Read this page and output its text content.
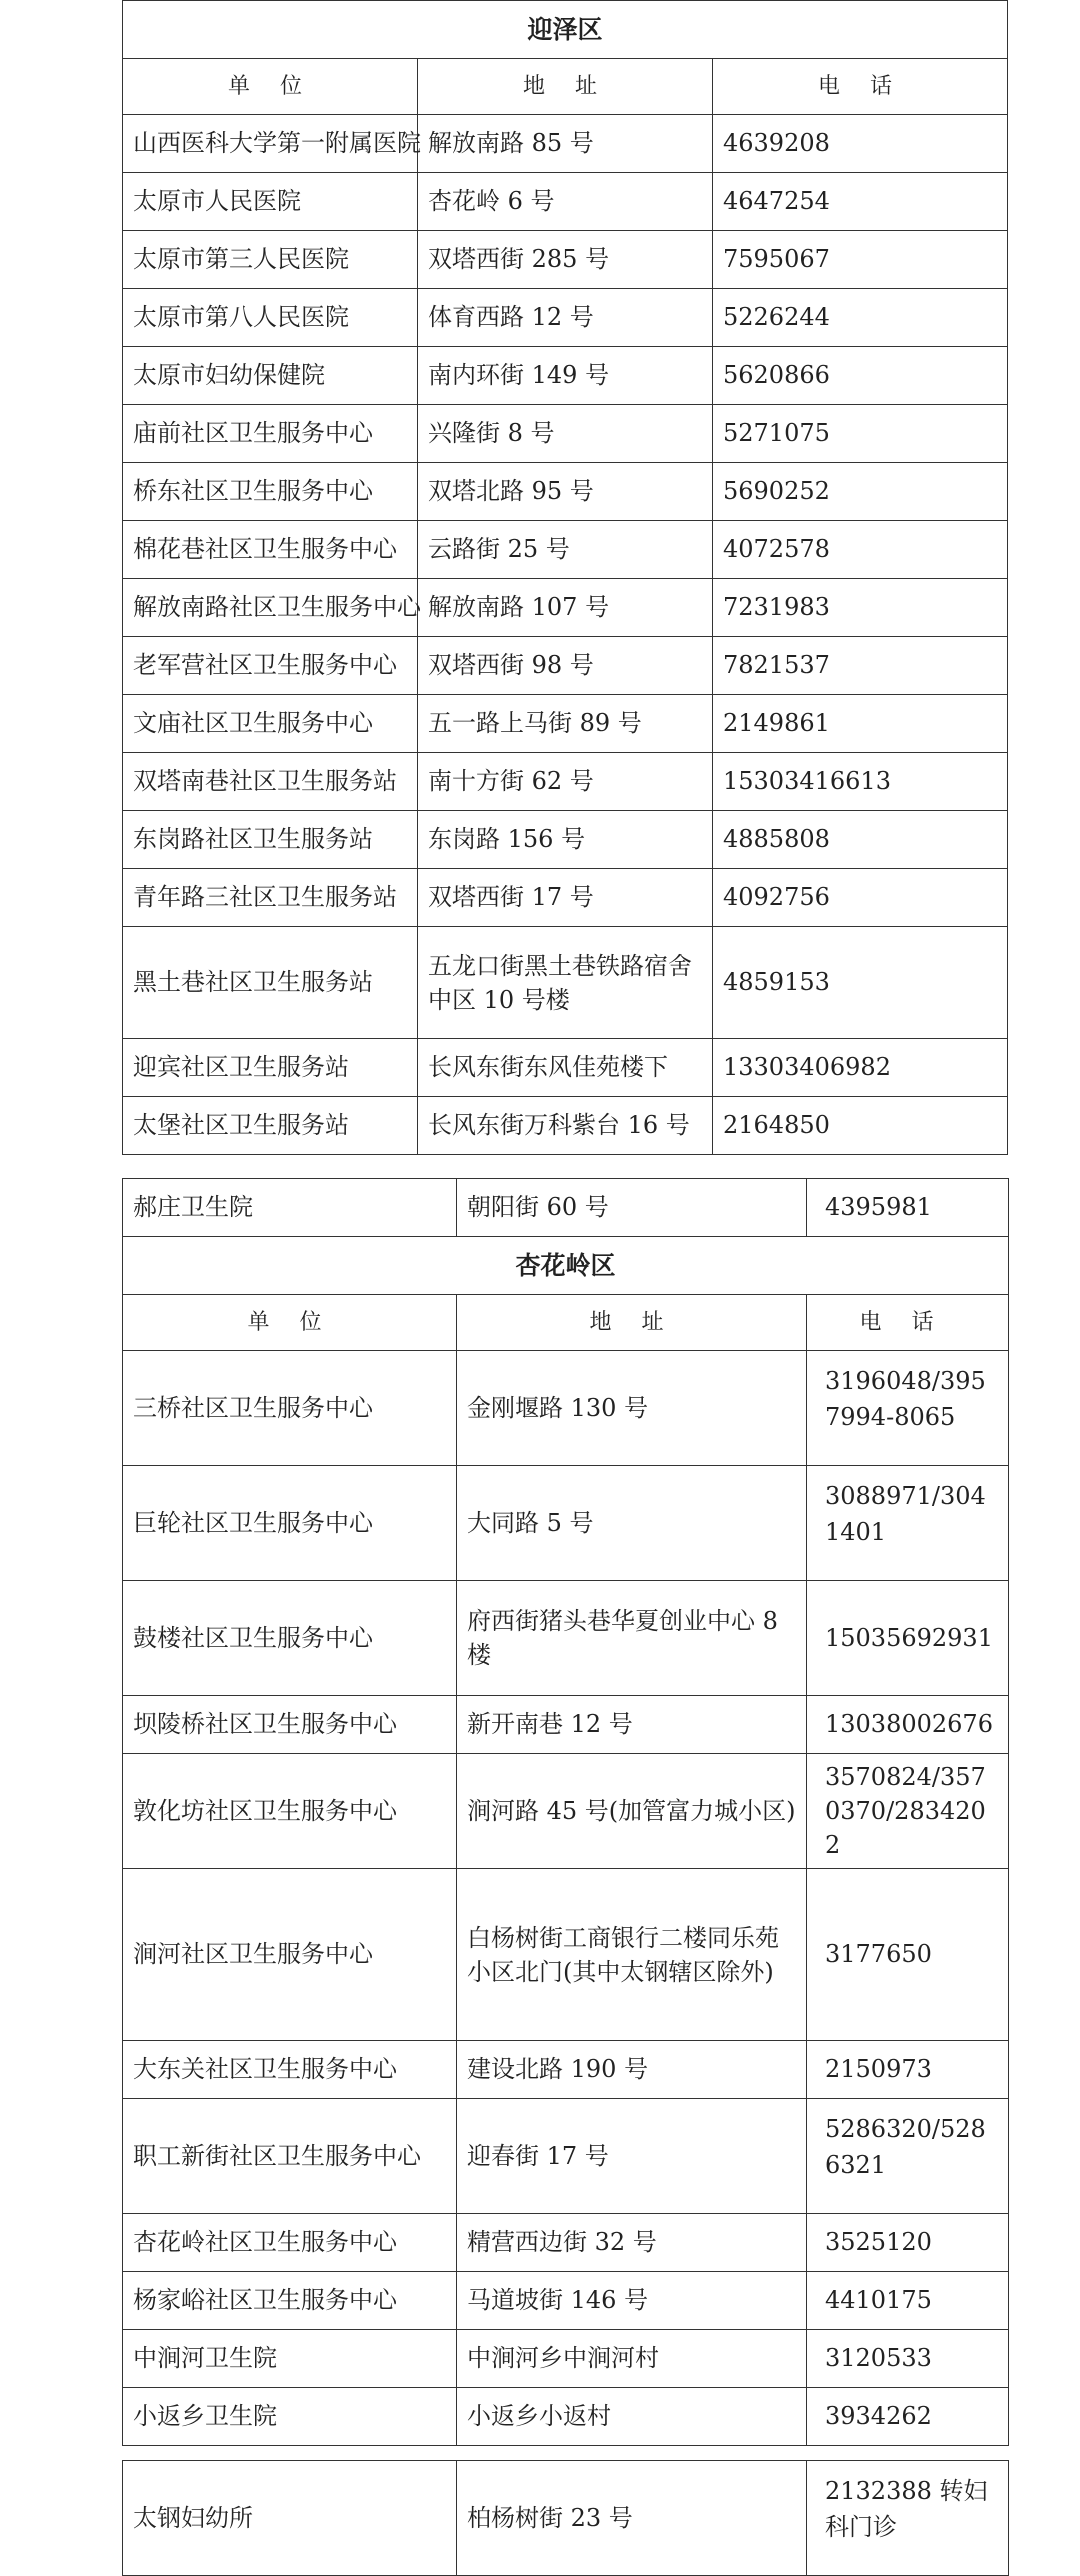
迎泽区		
单位	地址	电话
山西医科大学第一附属医院	解放南路 85 号	4639208
太原市人民医院	杏花岭 6 号	4647254
太原市第三人民医院	双塔西街 285 号	7595067
太原市第八人民医院	体育西路 12 号	5226244
太原市妇幼保健院	南内环街 149 号	5620866
庙前社区卫生服务中心	兴隆街 8 号	5271075
桥东社区卫生服务中心	双塔北路 95 号	5690252
棉花巷社区卫生服务中心	云路街 25 号	4072578
解放南路社区卫生服务中心	解放南路 107 号	7231983
老军营社区卫生服务中心	双塔西街 98 号	7821537
文庙社区卫生服务中心	五一路上马街 89 号	2149861
双塔南巷社区卫生服务站	南十方街 62 号	15303416613
东岗路社区卫生服务站	东岗路 156 号	4885808
青年路三社区卫生服务站	双塔西街 17 号	4092756
黑土巷社区卫生服务站	五龙口街黑土巷铁路宿舍中区 10 号楼	4859153
迎宾社区卫生服务站	长风东街东风佳苑楼下	13303406982
太堡社区卫生服务站	长风东街万科紫台 16 号	2164850
郝庄卫生院	朝阳街 60 号	4395981
杏花岭区		
单位	地址	电话
三桥社区卫生服务中心	金刚堰路 130 号	3196048/3957994-8065
巨轮社区卫生服务中心	大同路 5 号	3088971/3041401
鼓楼社区卫生服务中心	府西街猪头巷华夏创业中心 8 楼	15035692931
坝陵桥社区卫生服务中心	新开南巷 12 号	13038002676
敦化坊社区卫生服务中心	涧河路 45 号(加管富力城小区)	3570824/3570370/2834202
涧河社区卫生服务中心	白杨树街工商银行二楼同乐苑小区北门(其中太钢辖区除外)	3177650
大东关社区卫生服务中心	建设北路 190 号	2150973
职工新街社区卫生服务中心	迎春街 17 号	5286320/5286321
杏花岭社区卫生服务中心	精营西边街 32 号	3525120
杨家峪社区卫生服务中心	马道坡街 146 号	4410175
中涧河卫生院	中涧河乡中涧河村	3120533
小返乡卫生院	小返乡小返村	3934262
太钢妇幼所	柏杨树街 23 号	2132388 转妇科门诊
